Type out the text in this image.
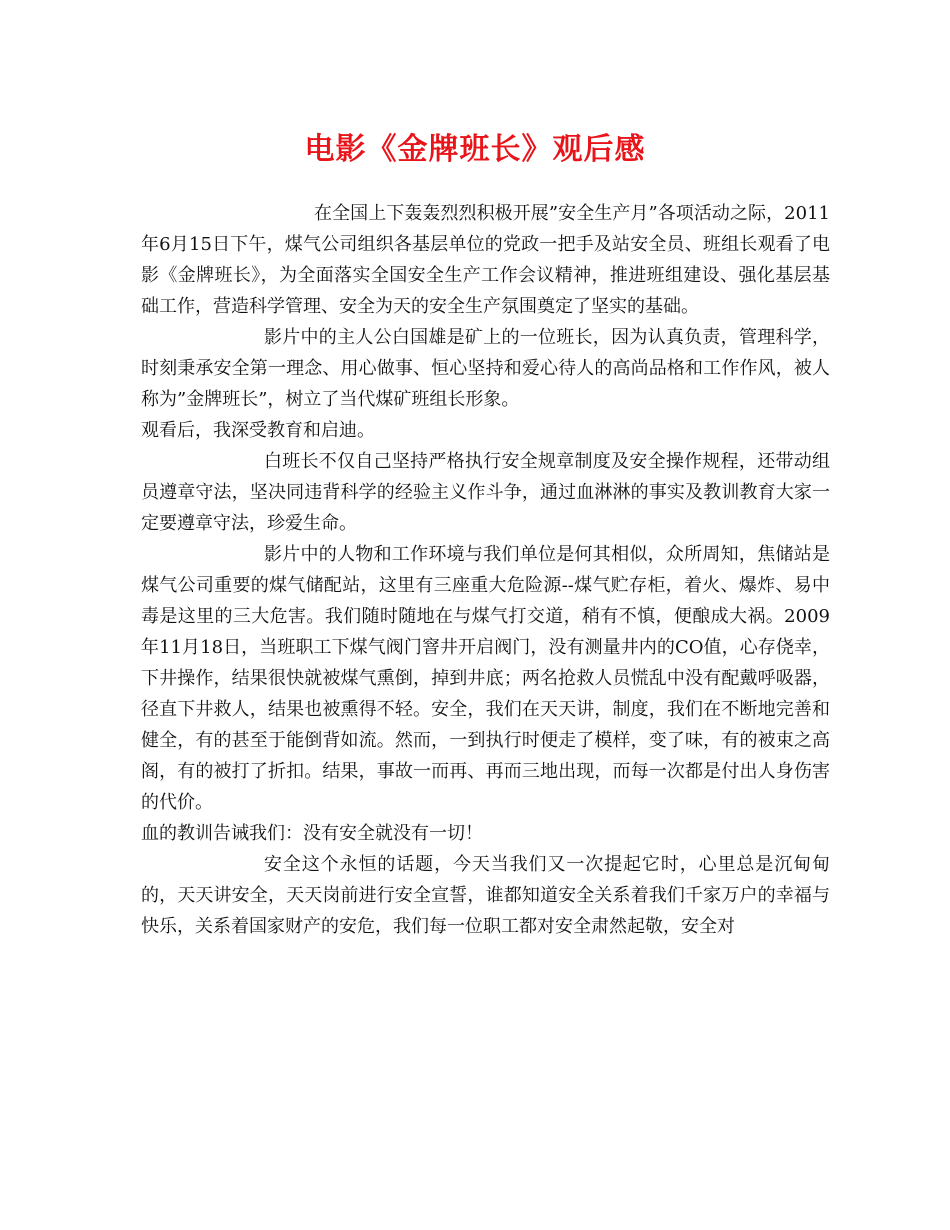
电影《金牌班长》观后感

在全国上下轰轰烈烈积极开展”安全生产月”各项活动之际，2011年6月15日下午，煤气公司组织各基层单位的党政一把手及站安全员、班组长观看了电影《金牌班长》，为全面落实全国安全生产工作会议精神，推进班组建设、强化基层基础工作，营造科学管理、安全为天的安全生产氛围奠定了坚实的基础。

影片中的主人公白国雄是矿上的一位班长，因为认真负责，管理科学，时刻秉承安全第一理念、用心做事、恒心坚持和爱心待人的高尚品格和工作作风，被人称为”金牌班长”，树立了当代煤矿班组长形象。

观看后，我深受教育和启迪。

白班长不仅自己坚持严格执行安全规章制度及安全操作规程，还带动组员遵章守法，坚决同违背科学的经验主义作斗争，通过血淋淋的事实及教训教育大家一定要遵章守法，珍爱生命。

影片中的人物和工作环境与我们单位是何其相似，众所周知，焦储站是煤气公司重要的煤气储配站，这里有三座重大危险源--煤气贮存柜，着火、爆炸、易中毒是这里的三大危害。我们随时随地在与煤气打交道，稍有不慎，便酿成大祸。2009年11月18日，当班职工下煤气阀门窨井开启阀门，没有测量井内的CO值，心存侥幸，下井操作，结果很快就被煤气熏倒，掉到井底；两名抢救人员慌乱中没有配戴呼吸器，径直下井救人，结果也被熏得不轻。安全，我们在天天讲，制度，我们在不断地完善和健全，有的甚至于能倒背如流。然而，一到执行时便走了模样，变了味，有的被束之高阁，有的被打了折扣。结果，事故一而再、再而三地出现，而每一次都是付出人身伤害的代价。

血的教训告诫我们：没有安全就没有一切！

安全这个永恒的话题，今天当我们又一次提起它时，心里总是沉甸甸的，天天讲安全，天天岗前进行安全宣誓，谁都知道安全关系着我们千家万户的幸福与快乐，关系着国家财产的安危，我们每一位职工都对安全肃然起敬，安全对
